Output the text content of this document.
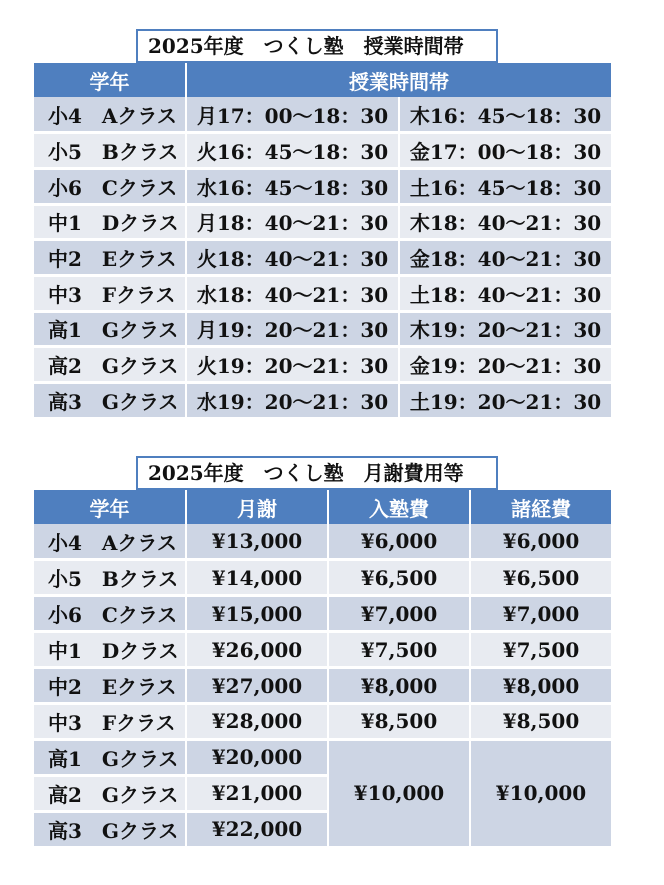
2025年度　つくし塾　授業時間帯
学年	授業時間帯	
小4　Aクラス	月17：00～18：30	木16：45～18：30
小5　Bクラス	火16：45～18：30	金17：00～18：30
小6　Cクラス	水16：45～18：30	土16：45～18：30
中1　Dクラス	月18：40～21：30	木18：40～21：30
中2　Eクラス	火18：40～21：30	金18：40～21：30
中3　Fクラス	水18：40～21：30	土18：40～21：30
高1　Gクラス	月19：20～21：30	木19：20～21：30
高2　Gクラス	火19：20～21：30	金19：20～21：30
高3　Gクラス	水19：20～21：30	土19：20～21：30
2025年度　つくし塾　月謝費用等
学年	月謝	入塾費	諸経費
小4　Aクラス	¥13,000	¥6,000	¥6,000
小5　Bクラス	¥14,000	¥6,500	¥6,500
小6　Cクラス	¥15,000	¥7,000	¥7,000
中1　Dクラス	¥26,000	¥7,500	¥7,500
中2　Eクラス	¥27,000	¥8,000	¥8,000
中3　Fクラス	¥28,000	¥8,500	¥8,500
高1　Gクラス	¥20,000	¥10,000	¥10,000
高2　Gクラス	¥21,000		
高3　Gクラス	¥22,000		
